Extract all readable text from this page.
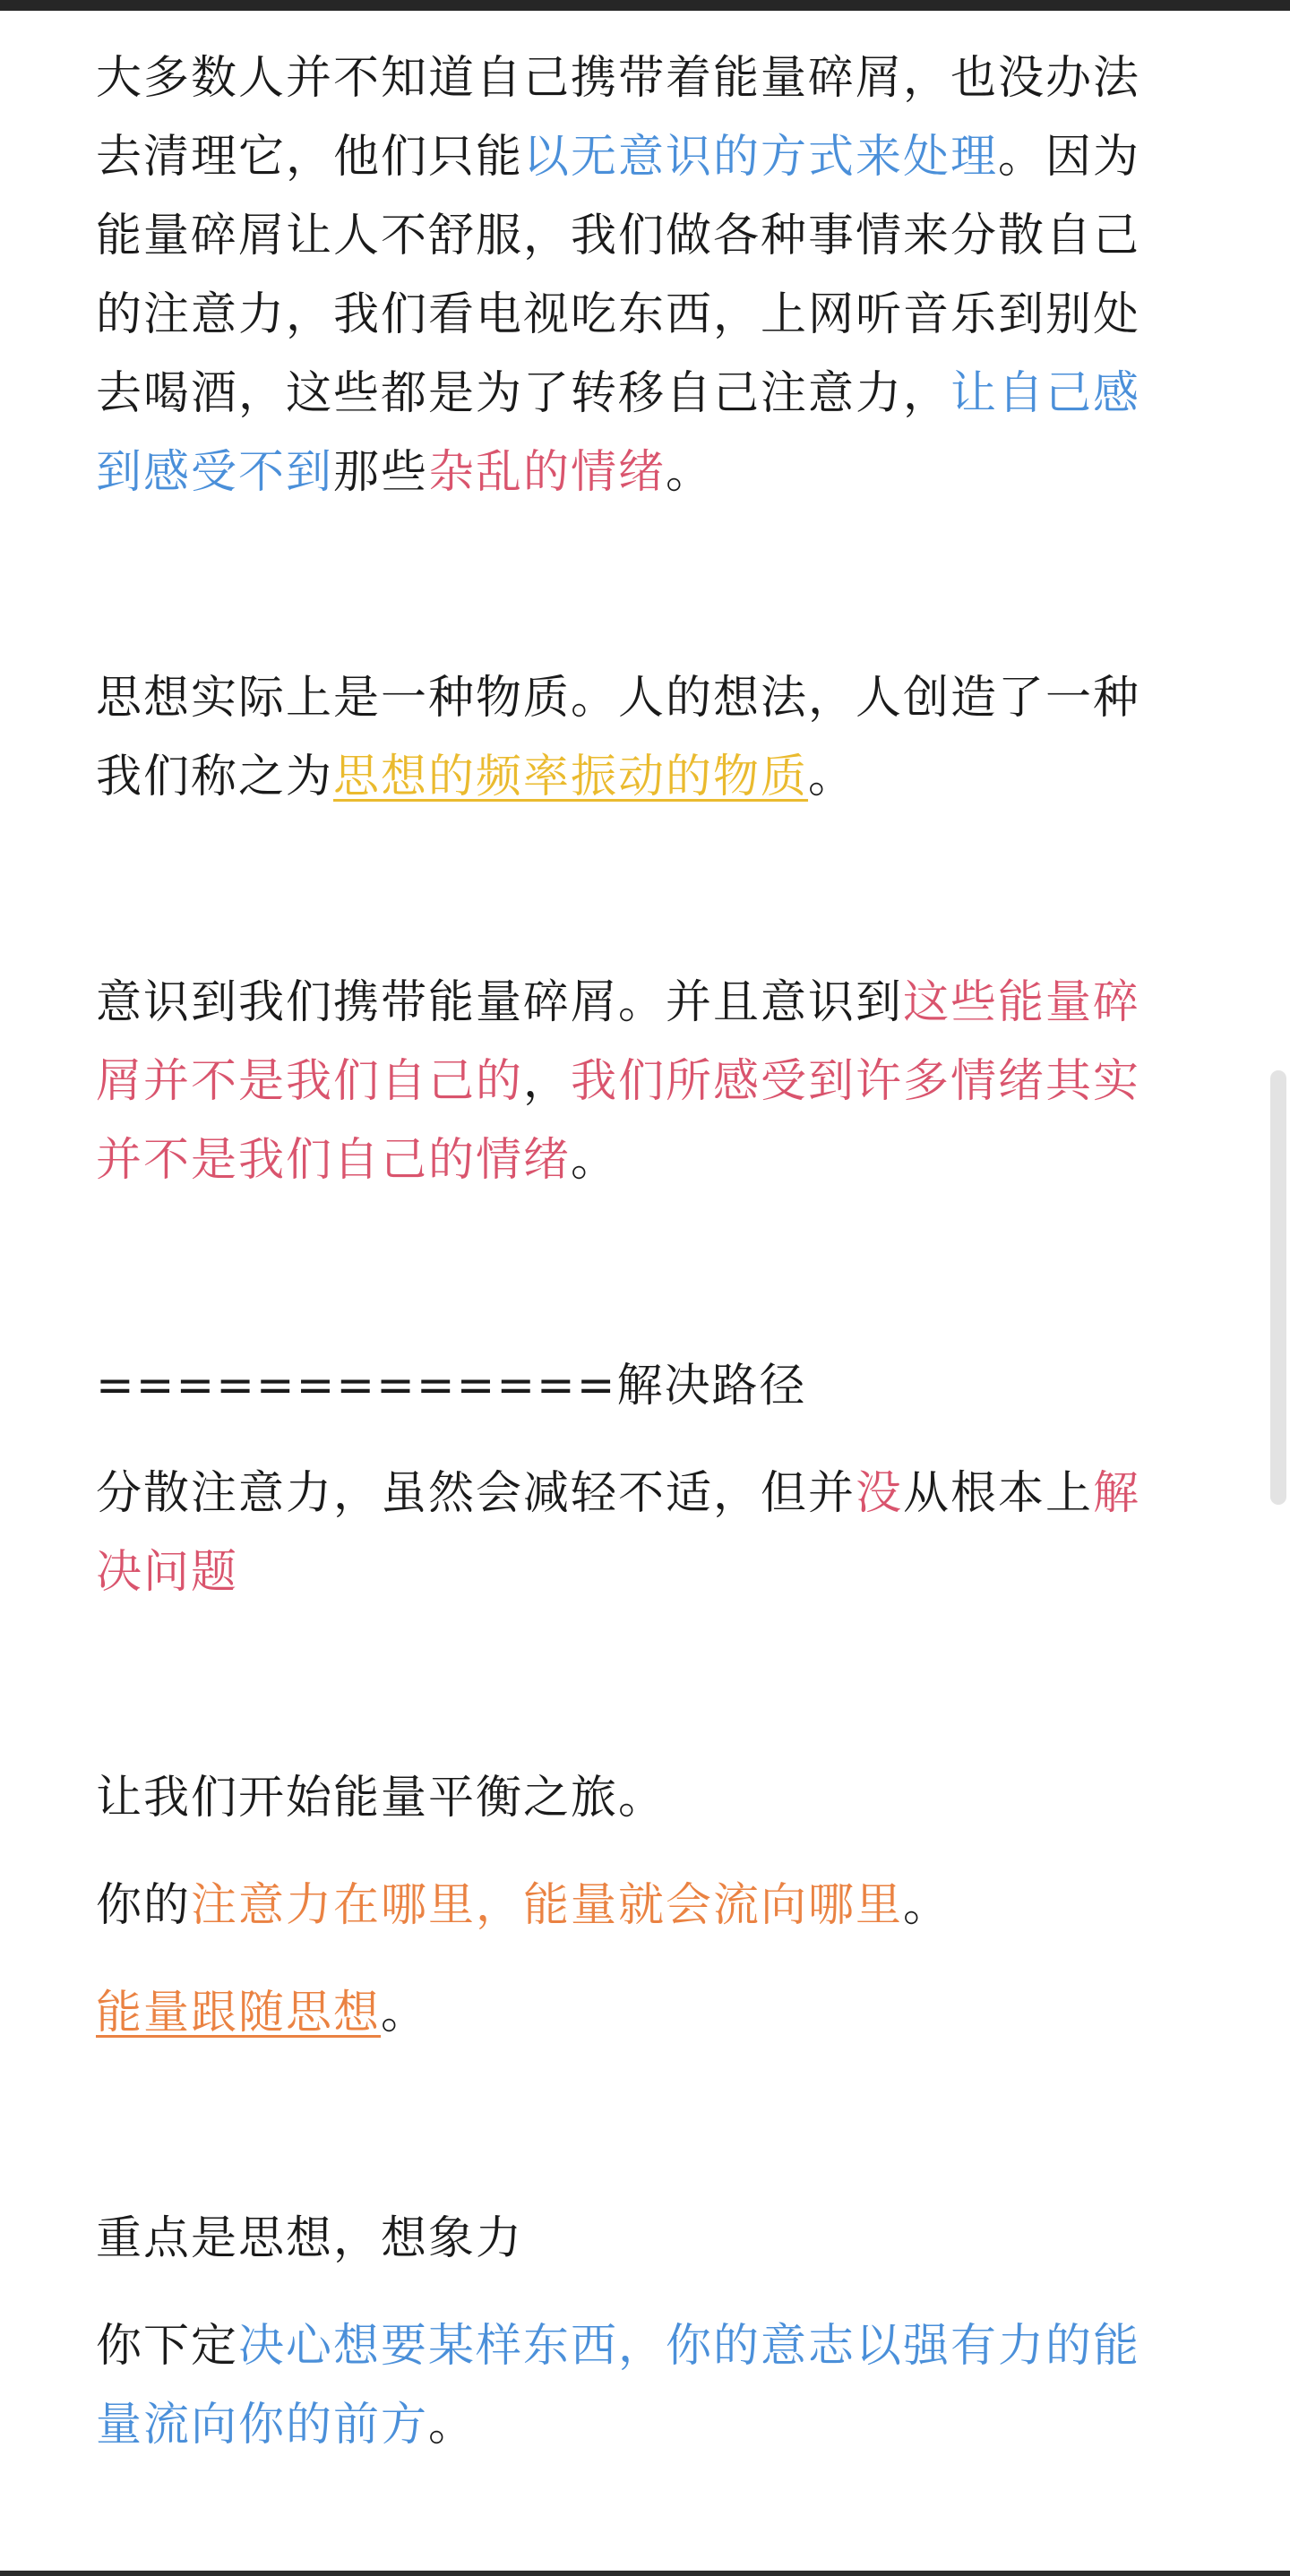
大多数人并不知道自己携带着能量碎屑，也没办法去清理它，他们只能以无意识的方式来处理。因为能量碎屑让人不舒服，我们做各种事情来分散自己的注意力，我们看电视吃东西，上网听音乐到别处去喝酒，这些都是为了转移自己注意力，让自己感到感受不到那些杂乱的情绪。

思想实际上是一种物质。人的想法，人创造了一种我们称之为思想的频率振动的物质。

意识到我们携带能量碎屑。并且意识到这些能量碎屑并不是我们自己的，我们所感受到许多情绪其实并不是我们自己的情绪。

=============解决路径

分散注意力，虽然会减轻不适，但并没从根本上解决问题

让我们开始能量平衡之旅。

你的注意力在哪里，能量就会流向哪里。

能量跟随思想。

重点是思想，想象力

你下定决心想要某样东西，你的意志以强有力的能量流向你的前方。
